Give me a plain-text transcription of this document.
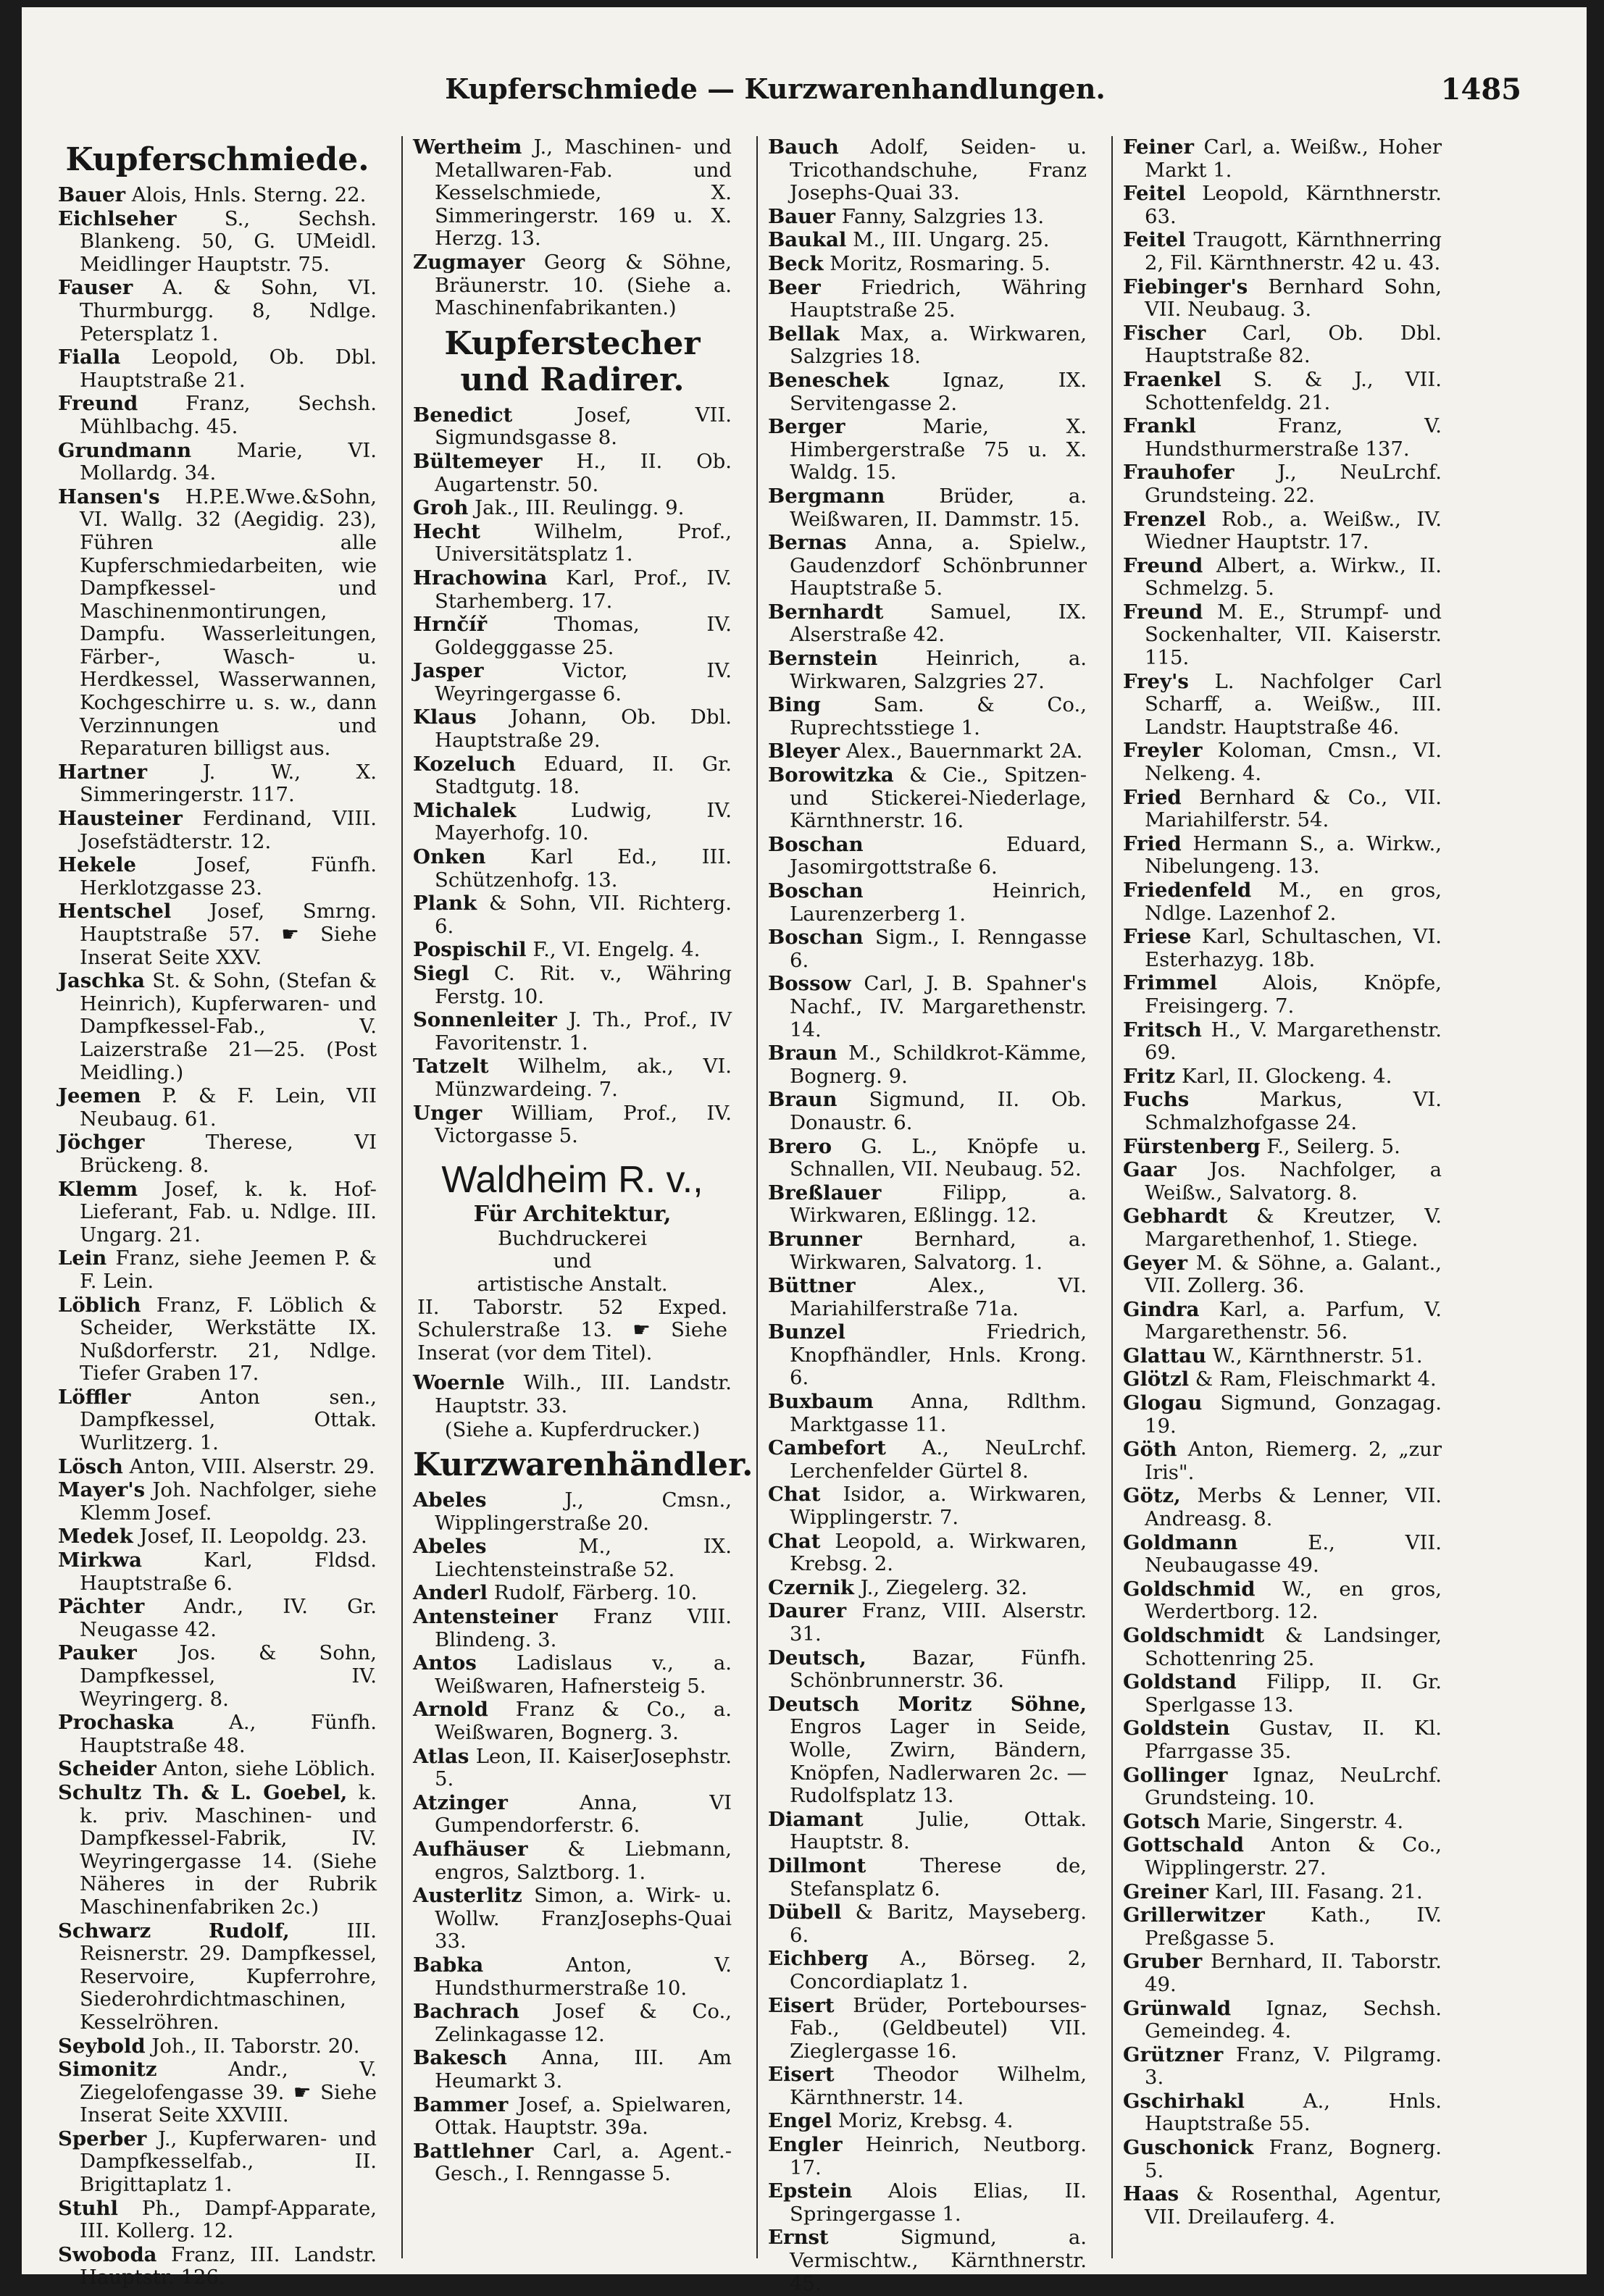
Kupferschmiede — Kurzwarenhandlungen.	1485
Kupferschmiede.
Bauer Alois, Hnls. Sterng. 22.
Eichlseher S., Sechsh. Blankeng. 50, G. UMeidl. Meidlinger Hauptstr. 75.
Fauser A. & Sohn, VI. Thurmburgg. 8, Ndlge. Petersplatz 1.
Fialla Leopold, Ob. Dbl. Hauptstraße 21.
Freund Franz, Sechsh. Mühlbachg. 45.
Grundmann Marie, VI. Mollardg. 34.
Hansen's H.P.E.Wwe.&Sohn, VI. Wallg. 32 (Aegidig. 23), Führen alle Kupferschmiedarbeiten, wie Dampfkessel- und Maschinenmontirungen, Dampfu. Wasserleitungen, Färber-, Wasch- u. Herdkessel, Wasserwannen, Kochgeschirre u. s. w., dann Verzinnungen und Reparaturen billigst aus.
Hartner	J. W., X. Simmeringerstr. 117.
Hausteiner Ferdinand, VIII. Josefstädterstr. 12.
Hekele	Josef, Fünfh. Herklotzgasse 23.
Hentschel Josef, Smrng. Hauptstraße 57. ☛ Siehe Inserat Seite XXV.
Jaschka St. & Sohn, (Stefan & Heinrich), Kupferwaren- und Dampfkessel-Fab., V. Laizerstraße 21—25. (Post Meidling.)
Jeemen P. & F. Lein, VII Neubaug. 61.
Jöchger	Therese, VI Brückeng. 8.
Klemm Josef, k. k. Hof-Lieferant, Fab. u. Ndlge. III. Ungarg. 21.
Lein Franz, siehe Jeemen P. & F. Lein.
Löblich Franz, F. Löblich & Scheider, Werkstätte IX. Nußdorferstr. 21, Ndlge. Tiefer Graben 17.
Löffler	Anton sen., Dampfkessel, Ottak. Wurlitzerg. 1.
Lösch Anton, VIII. Alserstr. 29.
Mayer's Joh. Nachfolger, siehe Klemm Josef.
Medek Josef, II. Leopoldg. 23.
Mirkwa	Karl, Fldsd. Hauptstraße 6.
Pächter Andr., IV. Gr. Neugasse 42.
Pauker Jos. & Sohn, Dampfkessel, IV. Weyringerg. 8.
Prochaska	A., Fünfh. Hauptstraße 48.
Scheider Anton, siehe Löblich.
Schultz Th. & L. Goebel, k. k. priv. Maschinen- und Dampfkessel-Fabrik, IV. Weyringergasse 14. (Siehe Näheres in der Rubrik Maschinenfabriken 2c.)
Schwarz Rudolf,	III. Reisnerstr. 29. Dampfkessel, Reservoire, Kupferrohre, Siederohrdichtmaschinen, Kesselröhren.
Seybold Joh., II. Taborstr. 20.
Simonitz	Andr., V. Ziegelofengasse 39. ☛ Siehe Inserat Seite XXVIII.
Sperber J., Kupferwaren- und Dampfkesselfab., II. Brigittaplatz 1.
Stuhl Ph., Dampf-Apparate, III. Kollerg. 12.
Swoboda Franz, III. Landstr. Hauptstr. 126.
Wertheim J., Maschinen- und Metallwaren-Fab. und Kesselschmiede, X. Simmeringerstr. 169 u. X. Herzg. 13.
Zugmayer Georg & Söhne, Bräunerstr. 10. (Siehe a. Maschinenfabrikanten.)
Kupferstecher und Radirer.
Benedict	Josef, VII. Sigmundsgasse 8.
Bültemeyer H., II. Ob. Augartenstr. 50.
Groh Jak., III. Reulingg. 9.
Hecht	Wilhelm, Prof., Universitätsplatz 1.
Hrachowina Karl, Prof., IV. Starhemberg. 17.
Hrnčíř	Thomas, IV. Goldegggasse 25.
Jasper	Victor, IV. Weyringergasse 6.
Klaus Johann, Ob. Dbl. Hauptstraße 29.
Kozeluch Eduard, II. Gr. Stadtgutg. 18.
Michalek	Ludwig, IV. Mayerhofg. 10.
Onken Karl Ed., III. Schützenhofg. 13.
Plank & Sohn, VII. Richterg. 6.
Pospischil F., VI. Engelg. 4.
Siegl C. Rit. v., Währing Ferstg. 10.
Sonnenleiter J. Th., Prof., IV Favoritenstr. 1.
Tatzelt Wilhelm, ak., VI. Münzwardeing. 7.
Unger William, Prof., IV. Victorgasse 5.
Waldheim R. v.,
Für Architektur,
Buchdruckerei
und
artistische Anstalt.
II. Taborstr. 52 Exped. Schulerstraße 13. ☛ Siehe Inserat (vor dem Titel).
Woernle Wilh., III. Landstr. Hauptstr. 33.
(Siehe a. Kupferdrucker.)
Kurzwarenhändler.
Abeles	J., Cmsn., Wipplingerstraße 20.
Abeles	M., IX. Liechtensteinstraße 52.
Anderl Rudolf, Färberg. 10.
Antensteiner Franz VIII. Blindeng. 3.
Antos Ladislaus v., a. Weißwaren, Hafnersteig 5.
Arnold Franz & Co., a. Weißwaren, Bognerg. 3.
Atlas Leon, II. KaiserJosephstr. 5.
Atzinger	Anna, VI Gumpendorferstr. 6.
Aufhäuser & Liebmann, engros, Salztborg. 1.
Austerlitz Simon, a. Wirk- u. Wollw. FranzJosephs-Quai 33.
Babka	Anton, V. Hundsthurmerstraße 10.
Bachrach Josef & Co., Zelinkagasse 12.
Bakesch Anna, III. Am Heumarkt 3.
Bammer Josef, a. Spielwaren, Ottak. Hauptstr. 39a.
Battlehner Carl, a. Agent.-Gesch., I. Renngasse 5.
Bauch Adolf, Seiden- u. Tricothandschuhe, Franz Josephs-Quai 33.
Bauer Fanny, Salzgries 13.
Baukal M., III. Ungarg. 25.
Beck Moritz, Rosmaring. 5.
Beer Friedrich, Währing Hauptstraße 25.
Bellak Max, a. Wirkwaren, Salzgries 18.
Beneschek	Ignaz, IX. Servitengasse 2.
Berger	Marie, X. Himbergerstraße 75 u. X. Waldg. 15.
Bergmann	Brüder, a. Weißwaren, II. Dammstr. 15.
Bernas Anna, a. Spielw., Gaudenzdorf Schönbrunner Hauptstraße 5.
Bernhardt Samuel, IX. Alserstraße 42.
Bernstein Heinrich, a. Wirkwaren, Salzgries 27.
Bing	Sam. & Co., Ruprechtsstiege 1.
Bleyer Alex., Bauernmarkt 2A.
Borowitzka & Cie., Spitzen- und Stickerei-Niederlage, Kärnthnerstr. 16.
Boschan	Eduard, Jasomirgottstraße 6.
Boschan	Heinrich, Laurenzerberg 1.
Boschan Sigm., I. Renngasse 6.
Bossow Carl, J. B. Spahner's Nachf., IV. Margarethenstr. 14.
Braun M., Schildkrot-Kämme, Bognerg. 9.
Braun Sigmund, II. Ob. Donaustr. 6.
Brero G. L., Knöpfe u. Schnallen, VII. Neubaug. 52.
Breßlauer	Filipp, a. Wirkwaren, Eßlingg. 12.
Brunner	Bernhard, a. Wirkwaren, Salvatorg. 1.
Büttner	Alex., VI. Mariahilferstraße 71a.
Bunzel	Friedrich, Knopfhändler, Hnls. Krong. 6.
Buxbaum Anna, Rdlthm. Marktgasse 11.
Cambefort A., NeuLrchf. Lerchenfelder Gürtel 8.
Chat Isidor, a. Wirkwaren, Wipplingerstr. 7.
Chat Leopold, a. Wirkwaren, Krebsg. 2.
Czernik J., Ziegelerg. 32.
Daurer Franz, VIII. Alserstr. 31.
Deutsch, Bazar, Fünfh. Schönbrunnerstr. 36.
Deutsch Moritz Söhne, Engros Lager in Seide, Wolle, Zwirn, Bändern, Knöpfen, Nadlerwaren 2c. — Rudolfsplatz 13.
Diamant	Julie, Ottak. Hauptstr. 8.
Dillmont	Therese de, Stefansplatz 6.
Dübell & Baritz, Mayseberg. 6.
Eichberg A., Börseg. 2, Concordiaplatz 1.
Eisert Brüder, Portebourses-Fab., (Geldbeutel) VII. Zieglergasse 16.
Eisert Theodor Wilhelm, Kärnthnerstr. 14.
Engel Moriz, Krebsg. 4.
Engler Heinrich, Neutborg. 17.
Epstein Alois Elias, II. Springergasse 1.
Ernst	Sigmund, a. Vermischtw., Kärnthnerstr. 45.
Feiner Carl, a. Weißw., Hoher Markt 1.
Feitel Leopold, Kärnthnerstr. 63.
Feitel Traugott, Kärnthnerring 2, Fil. Kärnthnerstr. 42 u. 43.
Fiebinger's Bernhard Sohn, VII. Neubaug. 3.
Fischer Carl, Ob. Dbl. Hauptstraße 82.
Fraenkel S. & J., VII. Schottenfeldg. 21.
Frankl	Franz, V. Hundsthurmerstraße 137.
Frauhofer J., NeuLrchf. Grundsteing. 22.
Frenzel Rob., a. Weißw., IV. Wiedner Hauptstr. 17.
Freund Albert, a. Wirkw., II. Schmelzg. 5.
Freund M. E., Strumpf- und Sockenhalter, VII. Kaiserstr. 115.
Frey's L. Nachfolger Carl Scharff, a. Weißw., III. Landstr. Hauptstraße 46.
Freyler Koloman, Cmsn., VI. Nelkeng. 4.
Fried Bernhard & Co., VII. Mariahilferstr. 54.
Fried Hermann S., a. Wirkw., Nibelungeng. 13.
Friedenfeld M., en gros, Ndlge. Lazenhof 2.
Friese Karl, Schultaschen, VI. Esterhazyg. 18b.
Frimmel Alois, Knöpfe, Freisingerg. 7.
Fritsch H., V. Margarethenstr. 69.
Fritz Karl, II. Glockeng. 4.
Fuchs	Markus, VI. Schmalzhofgasse 24.
Fürstenberg F., Seilerg. 5.
Gaar Jos. Nachfolger, a Weißw., Salvatorg. 8.
Gebhardt & Kreutzer, V. Margarethenhof, 1. Stiege.
Geyer M. & Söhne, a. Galant., VII. Zollerg. 36.
Gindra Karl, a. Parfum, V. Margarethenstr. 56.
Glattau W., Kärnthnerstr. 51.
Glötzl & Ram, Fleischmarkt 4.
Glogau Sigmund, Gonzagag. 19.
Göth Anton, Riemerg. 2, „zur Iris".
Götz, Merbs & Lenner, VII. Andreasg. 8.
Goldmann	E., VII. Neubaugasse 49.
Goldschmid W., en gros, Werdertborg. 12.
Goldschmidt & Landsinger, Schottenring 25.
Goldstand Filipp, II. Gr. Sperlgasse 13.
Goldstein Gustav, II. Kl. Pfarrgasse 35.
Gollinger Ignaz, NeuLrchf. Grundsteing. 10.
Gotsch Marie, Singerstr. 4.
Gottschald Anton & Co., Wipplingerstr. 27.
Greiner Karl, III. Fasang. 21.
Grillerwitzer Kath., IV. Preßgasse 5.
Gruber Bernhard, II. Taborstr. 49.
Grünwald Ignaz, Sechsh. Gemeindeg. 4.
Grützner Franz, V. Pilgramg. 3.
Gschirhakl	A., Hnls. Hauptstraße 55.
Guschonick Franz, Bognerg. 5.
Haas & Rosenthal, Agentur, VII. Dreilauferg. 4.
